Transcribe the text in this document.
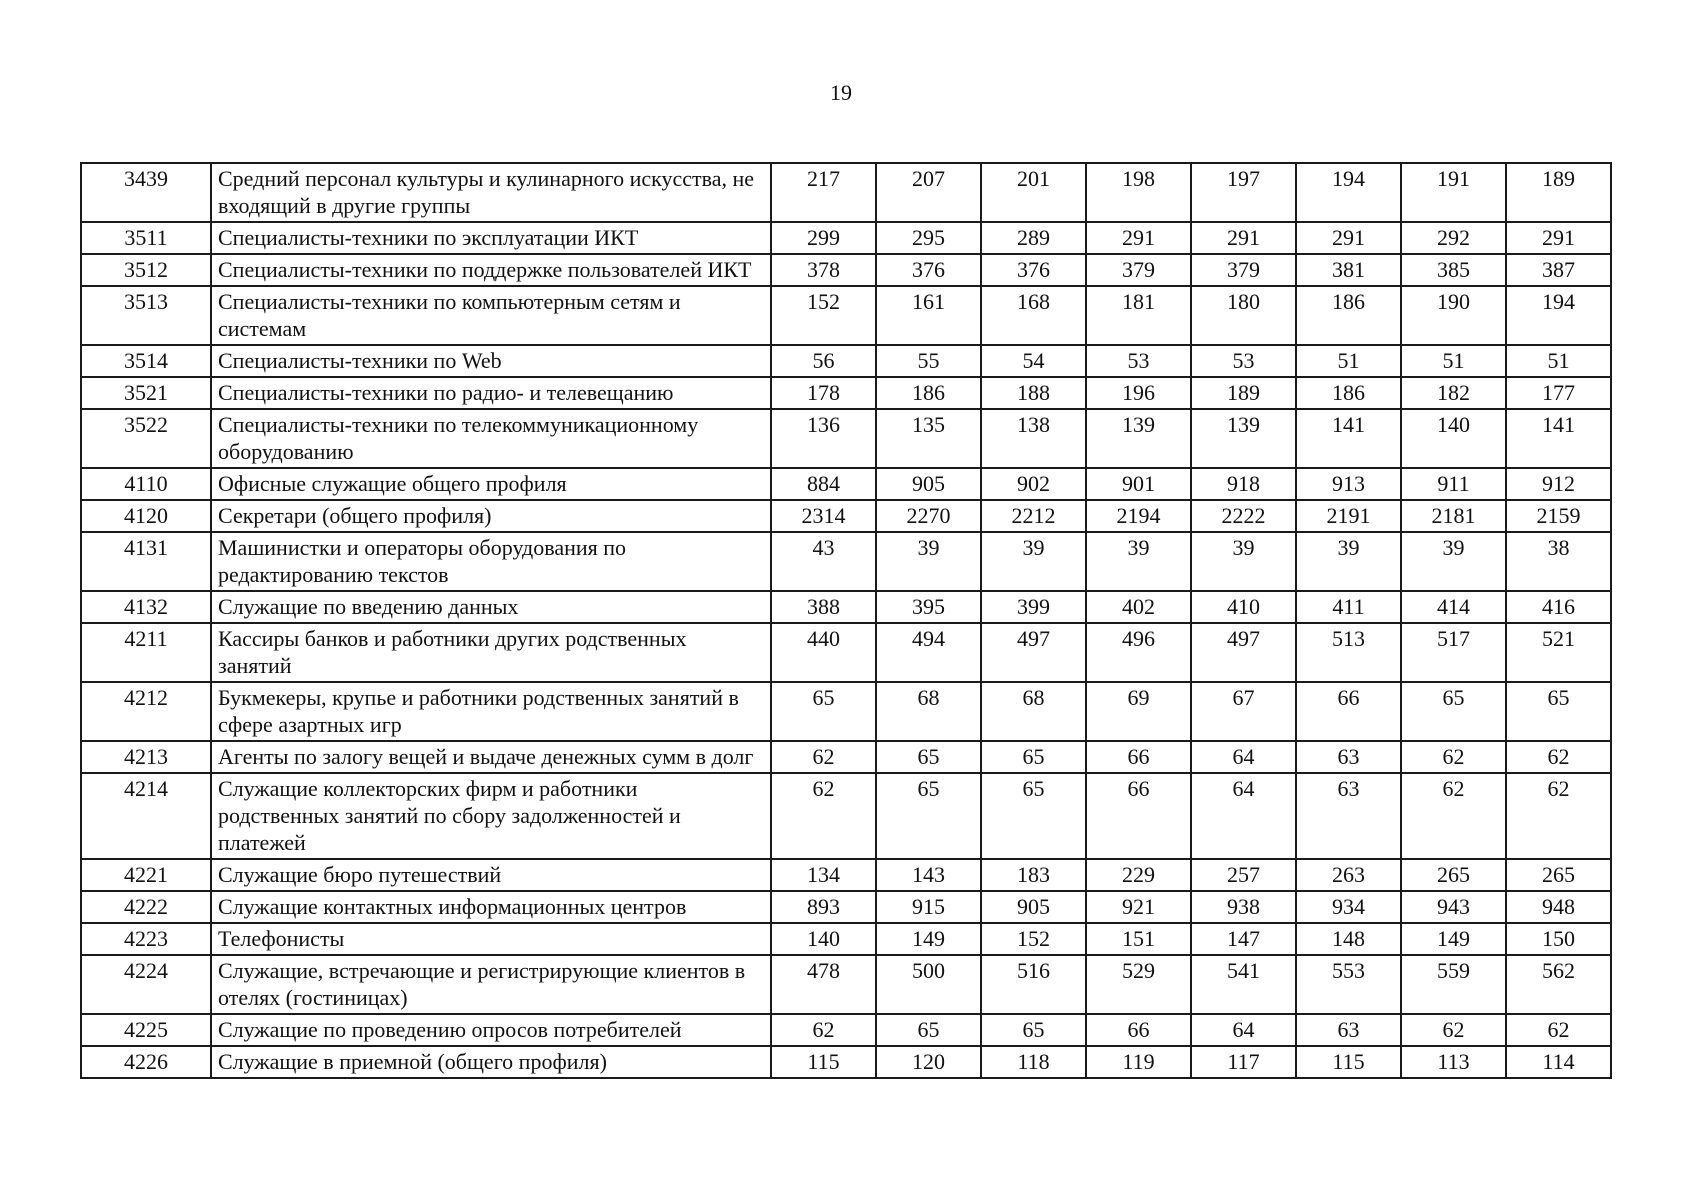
19
3439	Средний персонал культуры и кулинарного искусства, не входящий в другие группы	217	207	201	198	197	194	191	189
3511	Специалисты-техники по эксплуатации ИКТ	299	295	289	291	291	291	292	291
3512	Специалисты-техники по поддержке пользователей ИКТ	378	376	376	379	379	381	385	387
3513	Специалисты-техники по компьютерным сетям и системам	152	161	168	181	180	186	190	194
3514	Специалисты-техники по Web	56	55	54	53	53	51	51	51
3521	Специалисты-техники по радио- и телевещанию	178	186	188	196	189	186	182	177
3522	Специалисты-техники по телекоммуникационному оборудованию	136	135	138	139	139	141	140	141
4110	Офисные служащие общего профиля	884	905	902	901	918	913	911	912
4120	Секретари (общего профиля)	2314	2270	2212	2194	2222	2191	2181	2159
4131	Машинистки и операторы оборудования по редактированию текстов	43	39	39	39	39	39	39	38
4132	Служащие по введению данных	388	395	399	402	410	411	414	416
4211	Кассиры банков и работники других родственных занятий	440	494	497	496	497	513	517	521
4212	Букмекеры, крупье и работники родственных занятий в сфере азартных игр	65	68	68	69	67	66	65	65
4213	Агенты по залогу вещей и выдаче денежных сумм в долг	62	65	65	66	64	63	62	62
4214	Служащие коллекторских фирм и работники родственных занятий по сбору задолженностей и платежей	62	65	65	66	64	63	62	62
4221	Служащие бюро путешествий	134	143	183	229	257	263	265	265
4222	Служащие контактных информационных центров	893	915	905	921	938	934	943	948
4223	Телефонисты	140	149	152	151	147	148	149	150
4224	Служащие, встречающие и регистрирующие клиентов в отелях (гостиницах)	478	500	516	529	541	553	559	562
4225	Служащие по проведению опросов потребителей	62	65	65	66	64	63	62	62
4226	Служащие в приемной (общего профиля)	115	120	118	119	117	115	113	114
